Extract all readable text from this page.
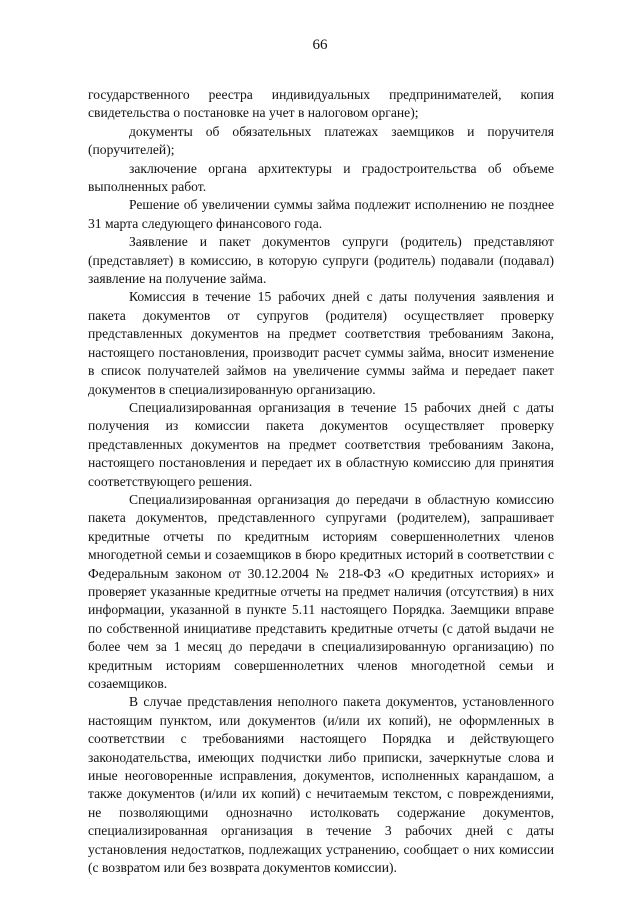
66

государственного реестра индивидуальных предпринимателей, копия свидетельства о постановке на учет в налоговом органе);

документы об обязательных платежах заемщиков и поручителя (поручителей);

заключение органа архитектуры и градостроительства об объеме выполненных работ.

Решение об увеличении суммы займа подлежит исполнению не позднее 31 марта следующего финансового года.

Заявление и пакет документов супруги (родитель) представляют (представляет) в комиссию, в которую супруги (родитель) подавали (подавал) заявление на получение займа.

Комиссия в течение 15 рабочих дней с даты получения заявления и пакета документов от супругов (родителя) осуществляет проверку представленных документов на предмет соответствия требованиям Закона, настоящего постановления, производит расчет суммы займа, вносит изменение в список получателей займов на увеличение суммы займа и передает пакет документов в специализированную организацию.

Специализированная организация в течение 15 рабочих дней с даты получения из комиссии пакета документов осуществляет проверку представленных документов на предмет соответствия требованиям Закона, настоящего постановления и передает их в областную комиссию для принятия соответствующего решения.

Специализированная организация до передачи в областную комиссию пакета документов, представленного супругами (родителем), запрашивает кредитные отчеты по кредитным историям совершеннолетних членов многодетной семьи и созаемщиков в бюро кредитных историй в соответствии с Федеральным законом от 30.12.2004 № 218-ФЗ «О кредитных историях» и проверяет указанные кредитные отчеты на предмет наличия (отсутствия) в них информации, указанной в пункте 5.11 настоящего Порядка. Заемщики вправе по собственной инициативе представить кредитные отчеты (с датой выдачи не более чем за 1 месяц до передачи в специализированную организацию) по кредитным историям совершеннолетних членов многодетной семьи и созаемщиков.

В случае представления неполного пакета документов, установленного настоящим пунктом, или документов (и/или их копий), не оформленных в соответствии с требованиями настоящего Порядка и действующего законодательства, имеющих подчистки либо приписки, зачеркнутые слова и иные неоговоренные исправления, документов, исполненных карандашом, а также документов (и/или их копий) с нечитаемым текстом, с повреждениями, не позволяющими однозначно истолковать содержание документов, специализированная организация в течение 3 рабочих дней с даты установления недостатков, подлежащих устранению, сообщает о них комиссии (с возвратом или без возврата документов комиссии).
